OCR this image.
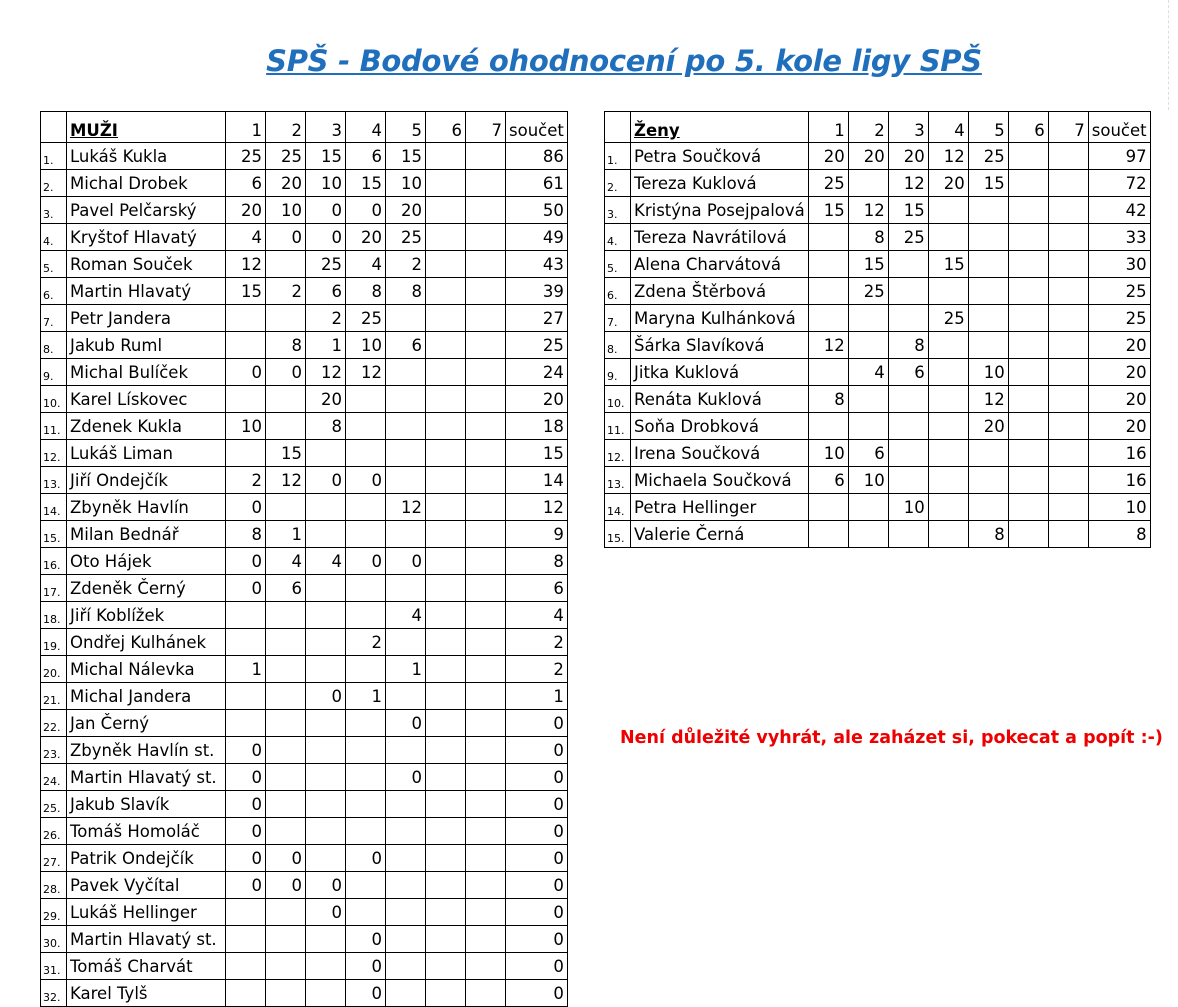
SPŠ - Bodové ohodnocení po 5. kole ligy SPŠ
	MUŽI	1	2	3	4	5	6	7	součet
1.	Lukáš Kukla	25	25	15	6	15			86
2.	Michal Drobek	6	20	10	15	10			61
3.	Pavel Pelčarský	20	10	0	0	20			50
4.	Kryštof Hlavatý	4	0	0	20	25			49
5.	Roman Souček	12		25	4	2			43
6.	Martin Hlavatý	15	2	6	8	8			39
7.	Petr Jandera			2	25				27
8.	Jakub Ruml		8	1	10	6			25
9.	Michal Bulíček	0	0	12	12				24
10.	Karel Lískovec			20					20
11.	Zdenek Kukla	10		8					18
12.	Lukáš Liman		15						15
13.	Jiří Ondejčík	2	12	0	0				14
14.	Zbyněk Havlín	0				12			12
15.	Milan Bednář	8	1						9
16.	Oto Hájek	0	4	4	0	0			8
17.	Zdeněk Černý	0	6						6
18.	Jiří Koblížek					4			4
19.	Ondřej Kulhánek				2				2
20.	Michal Nálevka	1				1			2
21.	Michal Jandera			0	1				1
22.	Jan Černý					0			0
23.	Zbyněk Havlín st.	0							0
24.	Martin Hlavatý st.	0				0			0
25.	Jakub Slavík	0							0
26.	Tomáš Homoláč	0							0
27.	Patrik Ondejčík	0	0		0				0
28.	Pavek Vyčítal	0	0	0					0
29.	Lukáš Hellinger			0					0
30.	Martin Hlavatý st.				0				0
31.	Tomáš Charvát				0				0
32.	Karel Tylš				0				0
	Ženy	1	2	3	4	5	6	7	součet
1.	Petra Součková	20	20	20	12	25			97
2.	Tereza Kuklová	25		12	20	15			72
3.	Kristýna Posejpalová	15	12	15					42
4.	Tereza Navrátilová		8	25					33
5.	Alena Charvátová		15		15				30
6.	Zdena Štěrbová		25						25
7.	Maryna Kulhánková				25				25
8.	Šárka Slavíková	12		8					20
9.	Jitka Kuklová		4	6		10			20
10.	Renáta Kuklová	8				12			20
11.	Soňa Drobková					20			20
12.	Irena Součková	10	6						16
13.	Michaela Součková	6	10						16
14.	Petra Hellinger			10					10
15.	Valerie Černá					8			8
Není důležité vyhrát, ale zaházet si, pokecat a popít :-)
